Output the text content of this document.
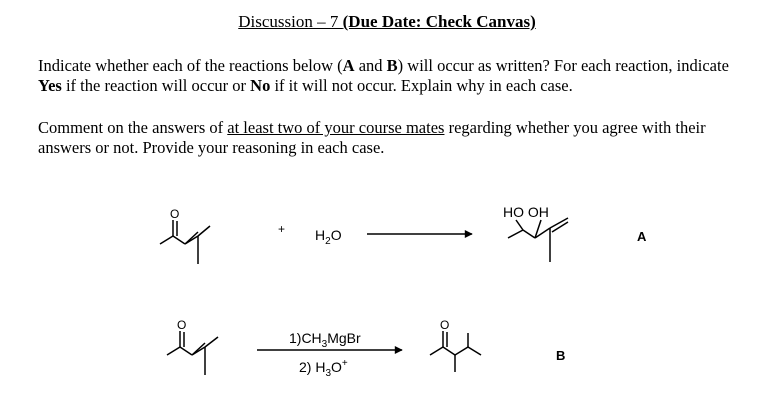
Discussion – 7 (Due Date: Check Canvas)
Indicate whether each of the reactions below (A and B) will occur as written? For each reaction, indicate Yes if the reaction will occur or No if it will not occur. Explain why in each case.
Comment on the answers of at least two of your course mates regarding whether you agree with their answers or not. Provide your reasoning in each case.
O
+ $H_2O$
HO OH
A
O
$1)CH_3MgBr$
2) $H_3O^+$
O
B
